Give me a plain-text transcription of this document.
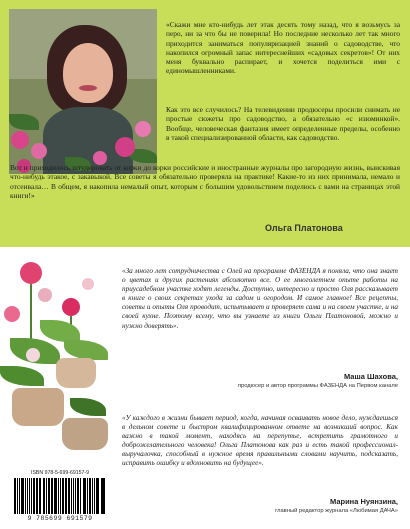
«Скажи мне кто-нибудь лет этак десять тому назад, что я возьмусь за перо, ни за что бы не поверила! Но последние несколько лет так много приходится заниматься популяризацией знаний о садоводстве, что накопился огромный запас интереснейших «садовых секретов»! От них меня буквально распирает, и хочется поделиться ими с единомышленниками.
Как это все случилось? На телевидении продюсеры просили снимать не простые сюжеты про садоводство, а обязательно «с изюминкой». Вообще, человеческая фантазия имеет определенные пределы, особенно в такой специализированной области, как садоводство.
Вот и приходилось штудировать от корки до корки российские и иностранные журналы про загородную жизнь, выискивая что-нибудь этакое, с закавыкой. Все советы я обязательно проверяла на практике! Какие-то из них принимала, немало и отсеивала… В общем, я накопила немалый опыт, которым с большим удовольствием поделюсь с вами на страницах этой книги!»
Ольга Платонова
«За много лет сотрудничества с Олей на программе ФАЗЕНДА я поняла, что она знает о цветах и других растениях абсолютно все. О ее многолетнем опыте работы на приусадебном участке ходят легенды. Доступно, интересно и просто Оля рассказывает в книге о своих секретах ухода за садом и огородом. И самое главное! Все рецепты, советы и опыты Оля проводит, испытывает и проверяет сама и на своем участке, и на своей кухне. Поэтому всему, что вы узнаете из книги Ольги Платоновой, можно и нужно доверять».
Маша Шахова,
продюсер и автор программы ФАЗЕНДА на Первом канале
«У каждого в жизни бывает период, когда, начиная осваивать новое дело, нуждаешься в дельном совете и быстром квалифицированном ответе на возникший вопрос. Как важно в такой момент, находясь на перепутье, встретить грамотного и доброжелательного человека! Ольга Платонова как раз и есть такой профессионал-выручалочка, способный в нужное время правильными словами научить, подсказать, исправить ошибку и вдохновить на будущее».
Марина Нуянзина,
главный редактор журнала «Любимая ДАЧА»
ISBN 978-5-699-69157-9
9 785699 691579
